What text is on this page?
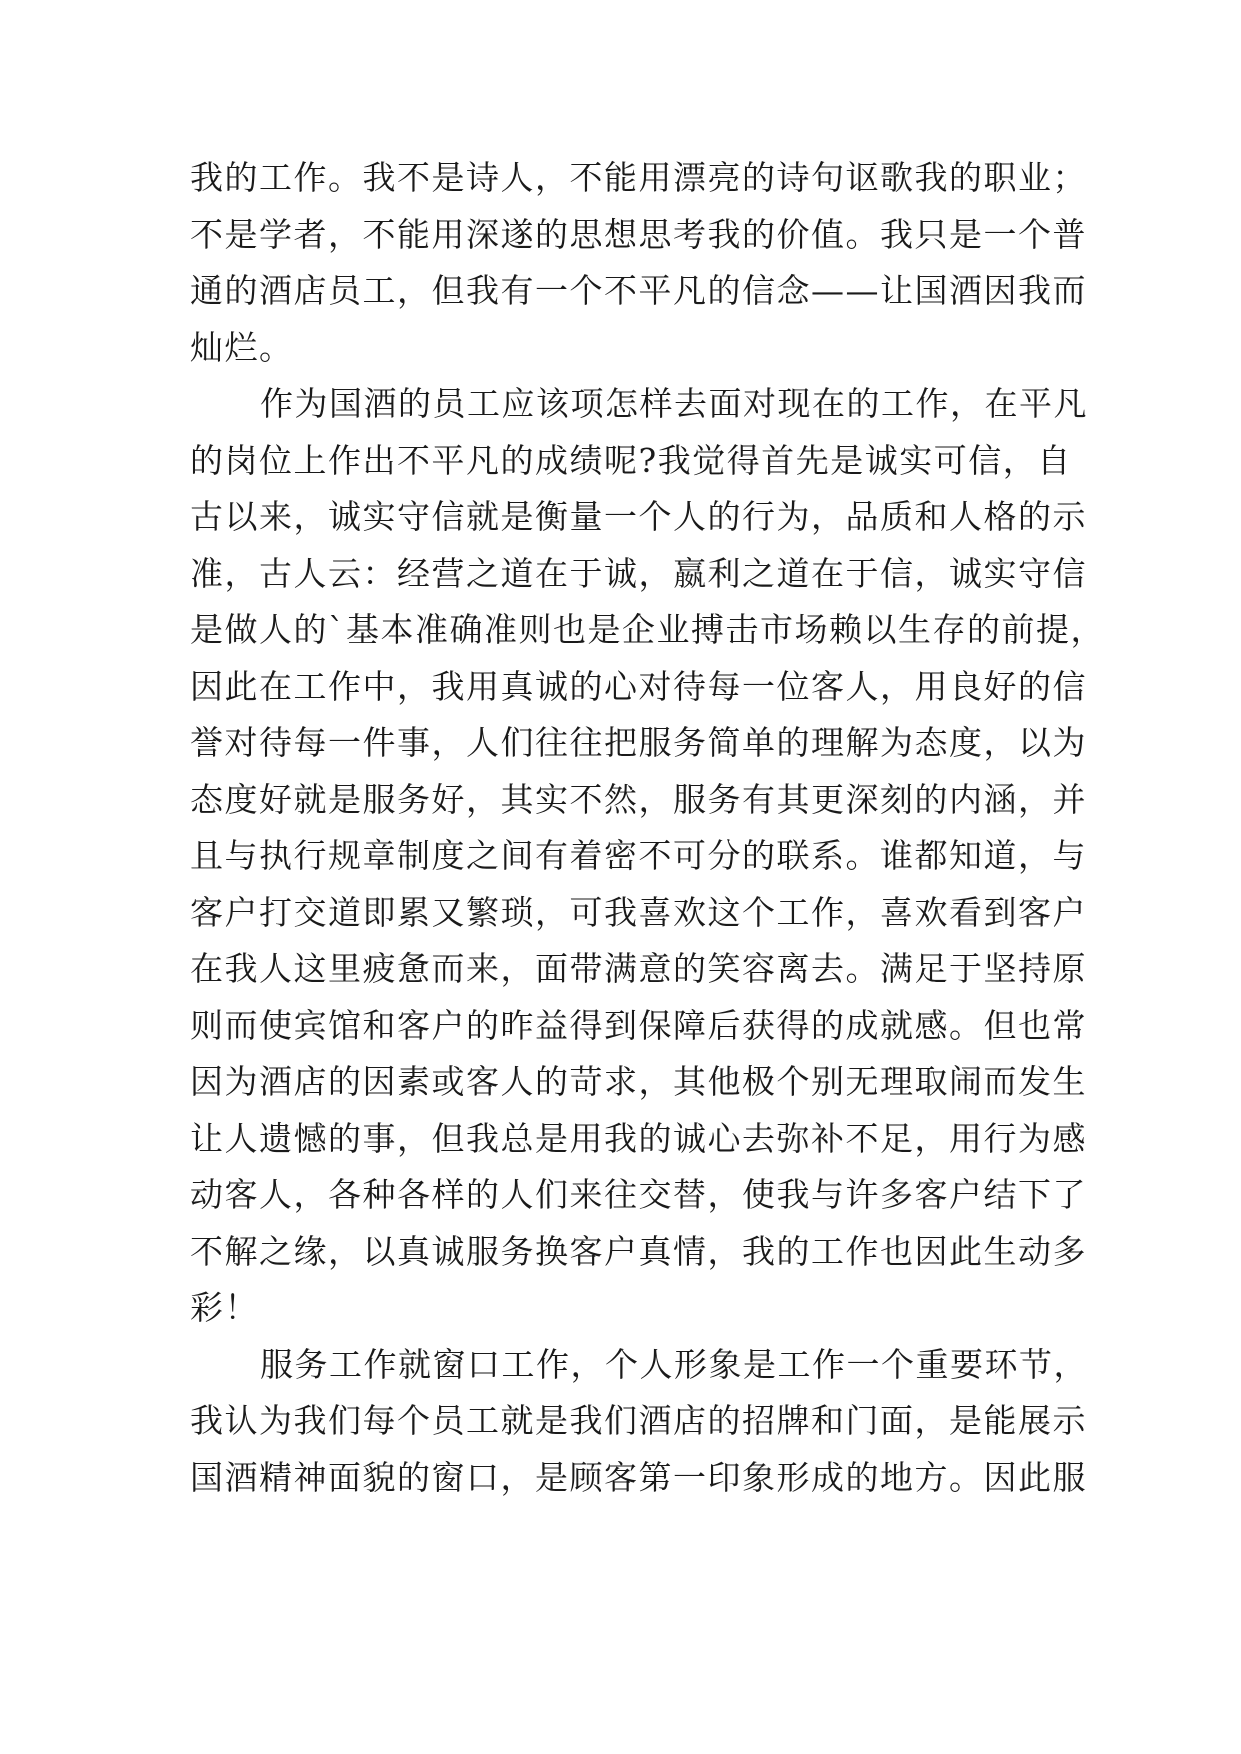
我的工作。我不是诗人，不能用漂亮的诗句讴歌我的职业；
不是学者，不能用深遂的思想思考我的价值。我只是一个普
通的酒店员工，但我有一个不平凡的信念——让国酒因我而
灿烂。
作为国酒的员工应该项怎样去面对现在的工作，在平凡
的岗位上作出不平凡的成绩呢?我觉得首先是诚实可信，自
古以来，诚实守信就是衡量一个人的行为，品质和人格的示
准，古人云：经营之道在于诚，嬴利之道在于信，诚实守信
是做人的`基本准确准则也是企业搏击市场赖以生存的前提，
因此在工作中，我用真诚的心对待每一位客人，用良好的信
誉对待每一件事，人们往往把服务简单的理解为态度，以为
态度好就是服务好，其实不然，服务有其更深刻的内涵，并
且与执行规章制度之间有着密不可分的联系。谁都知道，与
客户打交道即累又繁琐，可我喜欢这个工作，喜欢看到客户
在我人这里疲惫而来，面带满意的笑容离去。满足于坚持原
则而使宾馆和客户的昨益得到保障后获得的成就感。但也常
因为酒店的因素或客人的苛求，其他极个别无理取闹而发生
让人遗憾的事，但我总是用我的诚心去弥补不足，用行为感
动客人，各种各样的人们来往交替，使我与许多客户结下了
不解之缘，以真诚服务换客户真情，我的工作也因此生动多
彩！
服务工作就窗口工作，个人形象是工作一个重要环节，
我认为我们每个员工就是我们酒店的招牌和门面，是能展示
国酒精神面貌的窗口，是顾客第一印象形成的地方。因此服
